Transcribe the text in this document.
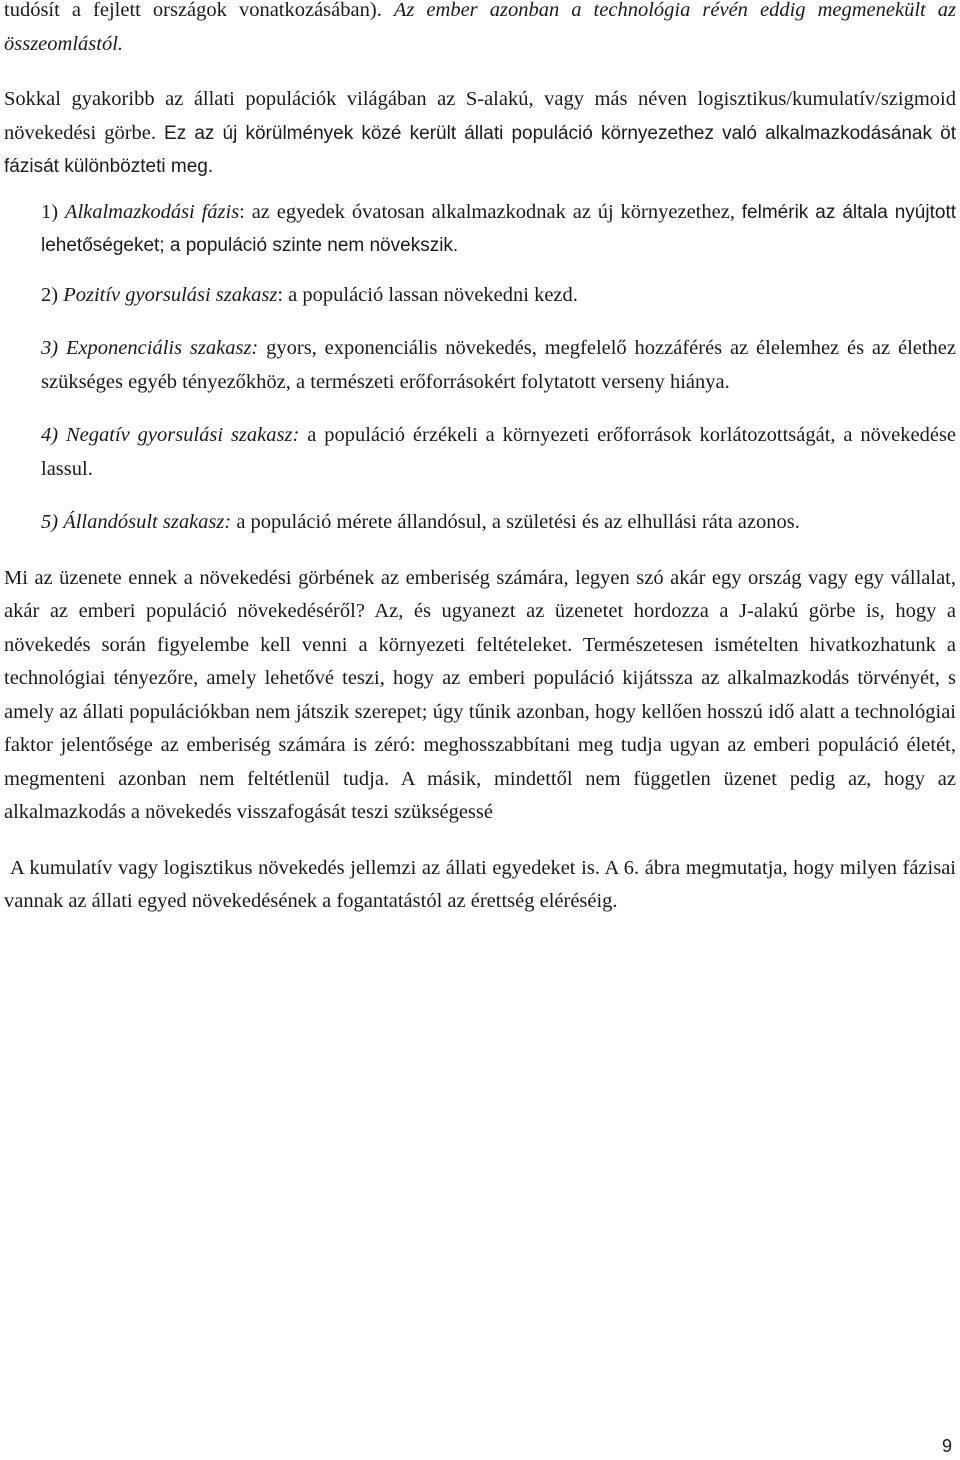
tudósít a fejlett országok vonatkozásában). Az ember azonban a technológia révén eddig megmenekült az összeomlástól.

Sokkal gyakoribb az állati populációk világában az S-alakú, vagy más néven logisztikus/kumulatív/szigmoid növekedési görbe. Ez az új körülmények közé került állati populáció környezethez való alkalmazkodásának öt fázisát különbözteti meg.

1) Alkalmazkodási fázis: az egyedek óvatosan alkalmazkodnak az új környezethez, felmérik az általa nyújtott lehetőségeket; a populáció szinte nem növekszik.

2) Pozitív gyorsulási szakasz: a populáció lassan növekedni kezd.

3) Exponenciális szakasz: gyors, exponenciális növekedés, megfelelő hozzáférés az élelemhez és az élethez szükséges egyéb tényezőkhöz, a természeti erőforrásokért folytatott verseny hiánya.

4) Negatív gyorsulási szakasz: a populáció érzékeli a környezeti erőforrások korlátozottságát, a növekedése lassul.

5) Állandósult szakasz: a populáció mérete állandósul, a születési és az elhullási ráta azonos.

Mi az üzenete ennek a növekedési görbének az emberiség számára, legyen szó akár egy ország vagy egy vállalat, akár az emberi populáció növekedéséről? Az, és ugyanezt az üzenetet hordozza a J-alakú görbe is, hogy a növekedés során figyelembe kell venni a környezeti feltételeket. Természetesen ismételten hivatkozhatunk a technológiai tényezőre, amely lehetővé teszi, hogy az emberi populáció kijátssza az alkalmazkodás törvényét, s amely az állati populációkban nem játszik szerepet; úgy tűnik azonban, hogy kellően hosszú idő alatt a technológiai faktor jelentősége az emberiség számára is zéró: meghosszabbítani meg tudja ugyan az emberi populáció életét, megmenteni azonban nem feltétlenül tudja. A másik, mindettől nem független üzenet pedig az, hogy az alkalmazkodás a növekedés visszafogását teszi szükségessé

A kumulatív vagy logisztikus növekedés jellemzi az állati egyedeket is. A 6. ábra megmutatja, hogy milyen fázisai vannak az állati egyed növekedésének a fogantatástól az érettség eléréséig.

9
